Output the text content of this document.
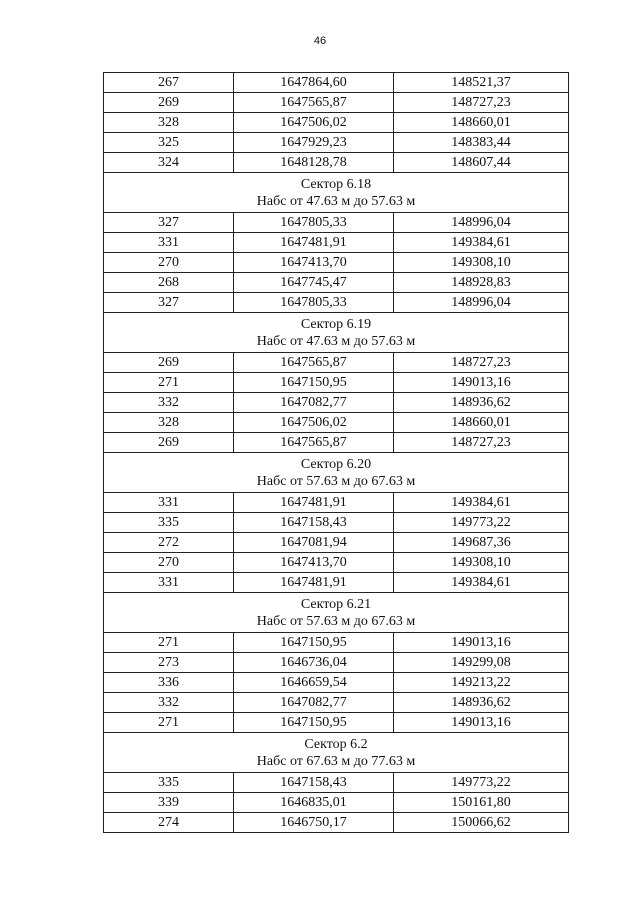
46
267	1647864,60	148521,37
269	1647565,87	148727,23
328	1647506,02	148660,01
325	1647929,23	148383,44
324	1648128,78	148607,44

Сектор 6.18
Набс от 47.63 м до 57.63 м		

327	1647805,33	148996,04
331	1647481,91	149384,61
270	1647413,70	149308,10
268	1647745,47	148928,83
327	1647805,33	148996,04

Сектор 6.19
Набс от 47.63 м до 57.63 м		

269	1647565,87	148727,23
271	1647150,95	149013,16
332	1647082,77	148936,62
328	1647506,02	148660,01
269	1647565,87	148727,23

Сектор 6.20
Набс от 57.63 м до 67.63 м		

331	1647481,91	149384,61
335	1647158,43	149773,22
272	1647081,94	149687,36
270	1647413,70	149308,10
331	1647481,91	149384,61

Сектор 6.21
Набс от 57.63 м до 67.63 м		

271	1647150,95	149013,16
273	1646736,04	149299,08
336	1646659,54	149213,22
332	1647082,77	148936,62
271	1647150,95	149013,16

Сектор 6.2
Набс от 67.63 м до 77.63 м		

335	1647158,43	149773,22
339	1646835,01	150161,80
274	1646750,17	150066,62
